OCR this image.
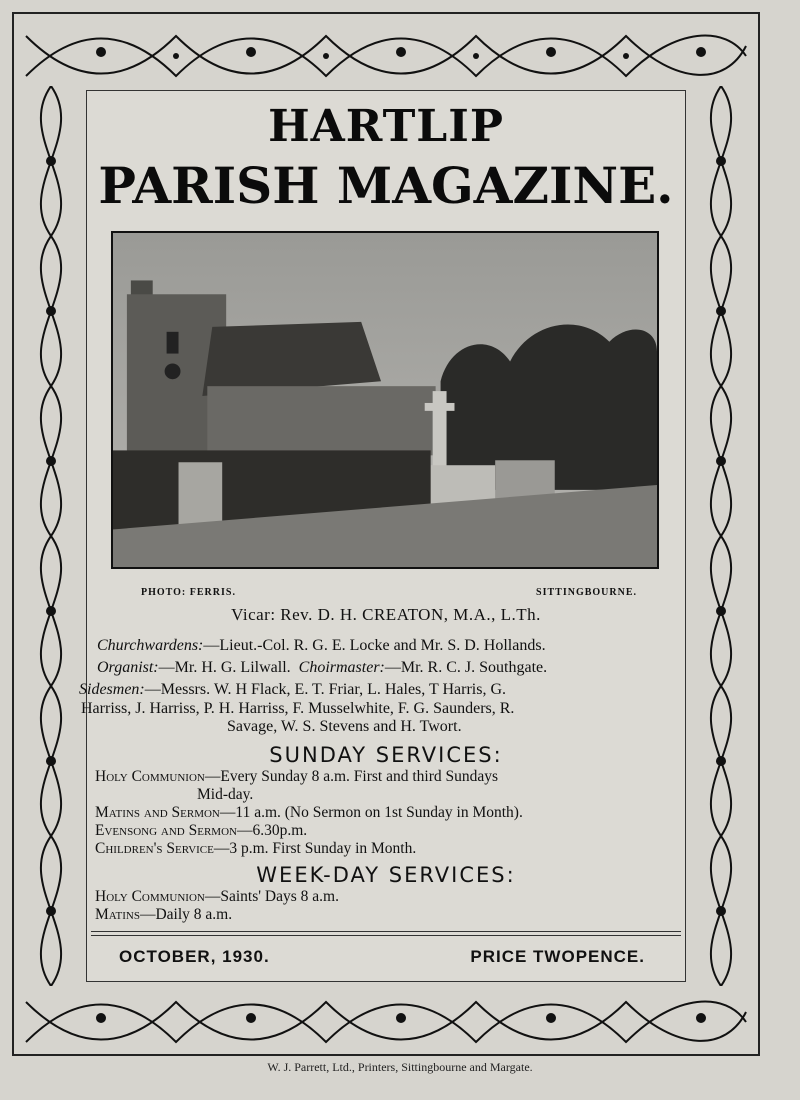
HARTLIP
PARISH MAGAZINE.
PHOTO: FERRIS.	SITTINGBOURNE.
Vicar: Rev. D. H. CREATON, M.A., L.Th.
Churchwardens:—Lieut.-Col. R. G. E. Locke and Mr. S. D. Hollands.
Organist:—Mr. H. G. Lilwall. Choirmaster:—Mr. R. C. J. Southgate.
Sidesmen:—Messrs. W. H Flack, E. T. Friar, L. Hales, T Harris, G.
Harriss, J. Harriss, P. H. Harriss, F. Musselwhite, F. G. Saunders, R.
Savage, W. S. Stevens and H. Twort.
SUNDAY SERVICES:
Holy Communion—Every Sunday 8 a.m. First and third Sundays
Mid-day.
Matins and Sermon—11 a.m. (No Sermon on 1st Sunday in Month).
Evensong and Sermon—6.30p.m.
Children's Service—3 p.m. First Sunday in Month.
WEEK-DAY SERVICES:
Holy Communion—Saints' Days 8 a.m.
Matins—Daily 8 a.m.
OCTOBER, 1930.	PRICE TWOPENCE.
W. J. Parrett, Ltd., Printers, Sittingbourne and Margate.
